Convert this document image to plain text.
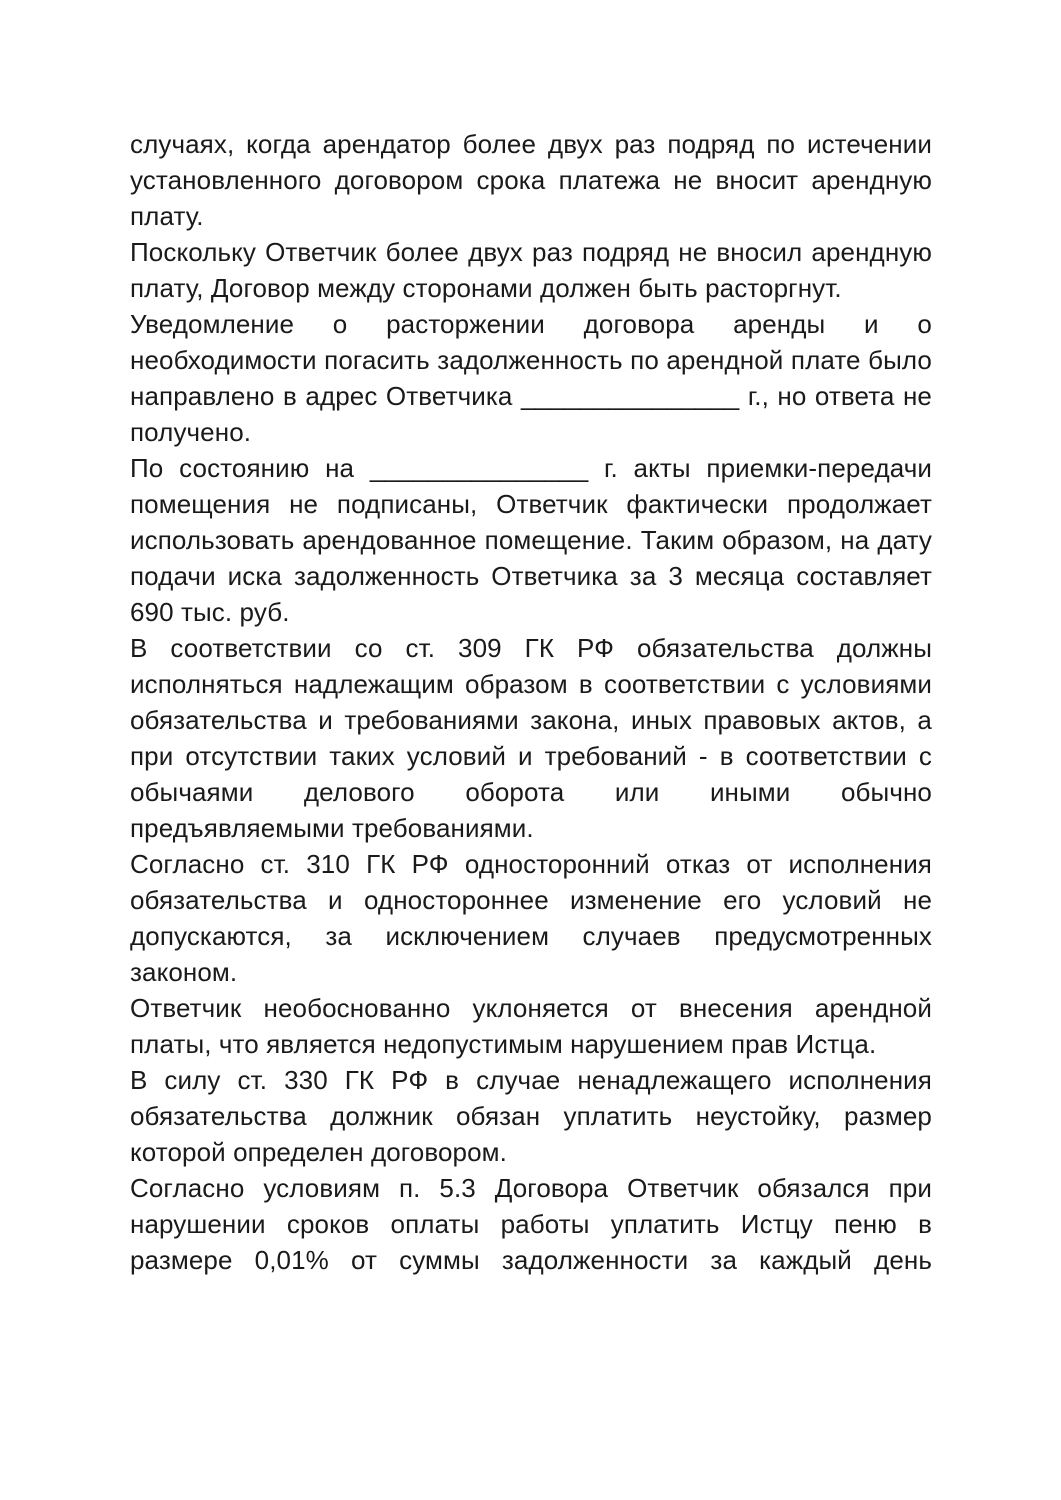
случаях, когда арендатор более двух раз подряд по истечении установленного договором срока платежа не вносит арендную плату.

Поскольку Ответчик более двух раз подряд не вносил арендную плату, Договор между сторонами должен быть расторгнут.

Уведомление о расторжении договора аренды и о необходимости погасить задолженность по арендной плате было направлено в адрес Ответчика _______________ г., но ответа не получено.

По состоянию на _______________ г. акты приемки-передачи помещения не подписаны, Ответчик фактически продолжает использовать арендованное помещение. Таким образом, на дату подачи иска задолженность Ответчика за 3 месяца составляет 690 тыс. руб.

В соответствии со ст. 309 ГК РФ обязательства должны исполняться надлежащим образом в соответствии с условиями обязательства и требованиями закона, иных правовых актов, а при отсутствии таких условий и требований - в соответствии с обычаями делового оборота или иными обычно предъявляемыми требованиями.

Согласно ст. 310 ГК РФ односторонний отказ от исполнения обязательства и одностороннее изменение его условий не допускаются, за исключением случаев предусмотренных законом.

Ответчик необоснованно уклоняется от внесения арендной платы, что является недопустимым нарушением прав Истца.

В силу ст. 330 ГК РФ в случае ненадлежащего исполнения обязательства должник обязан уплатить неустойку, размер которой определен договором.

Согласно условиям п. 5.3 Договора Ответчик обязался при нарушении сроков оплаты работы уплатить Истцу пеню в размере 0,01% от суммы задолженности за каждый день
